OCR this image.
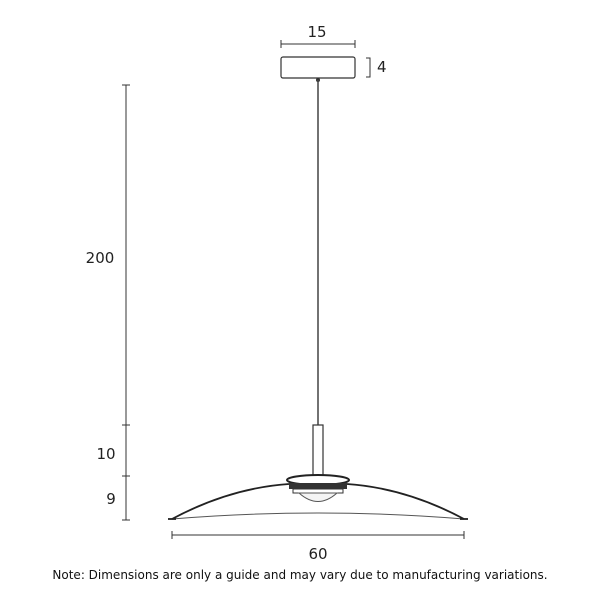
15
4
200
10
9
60
Note: Dimensions are only a guide and may vary due to manufacturing variations.
